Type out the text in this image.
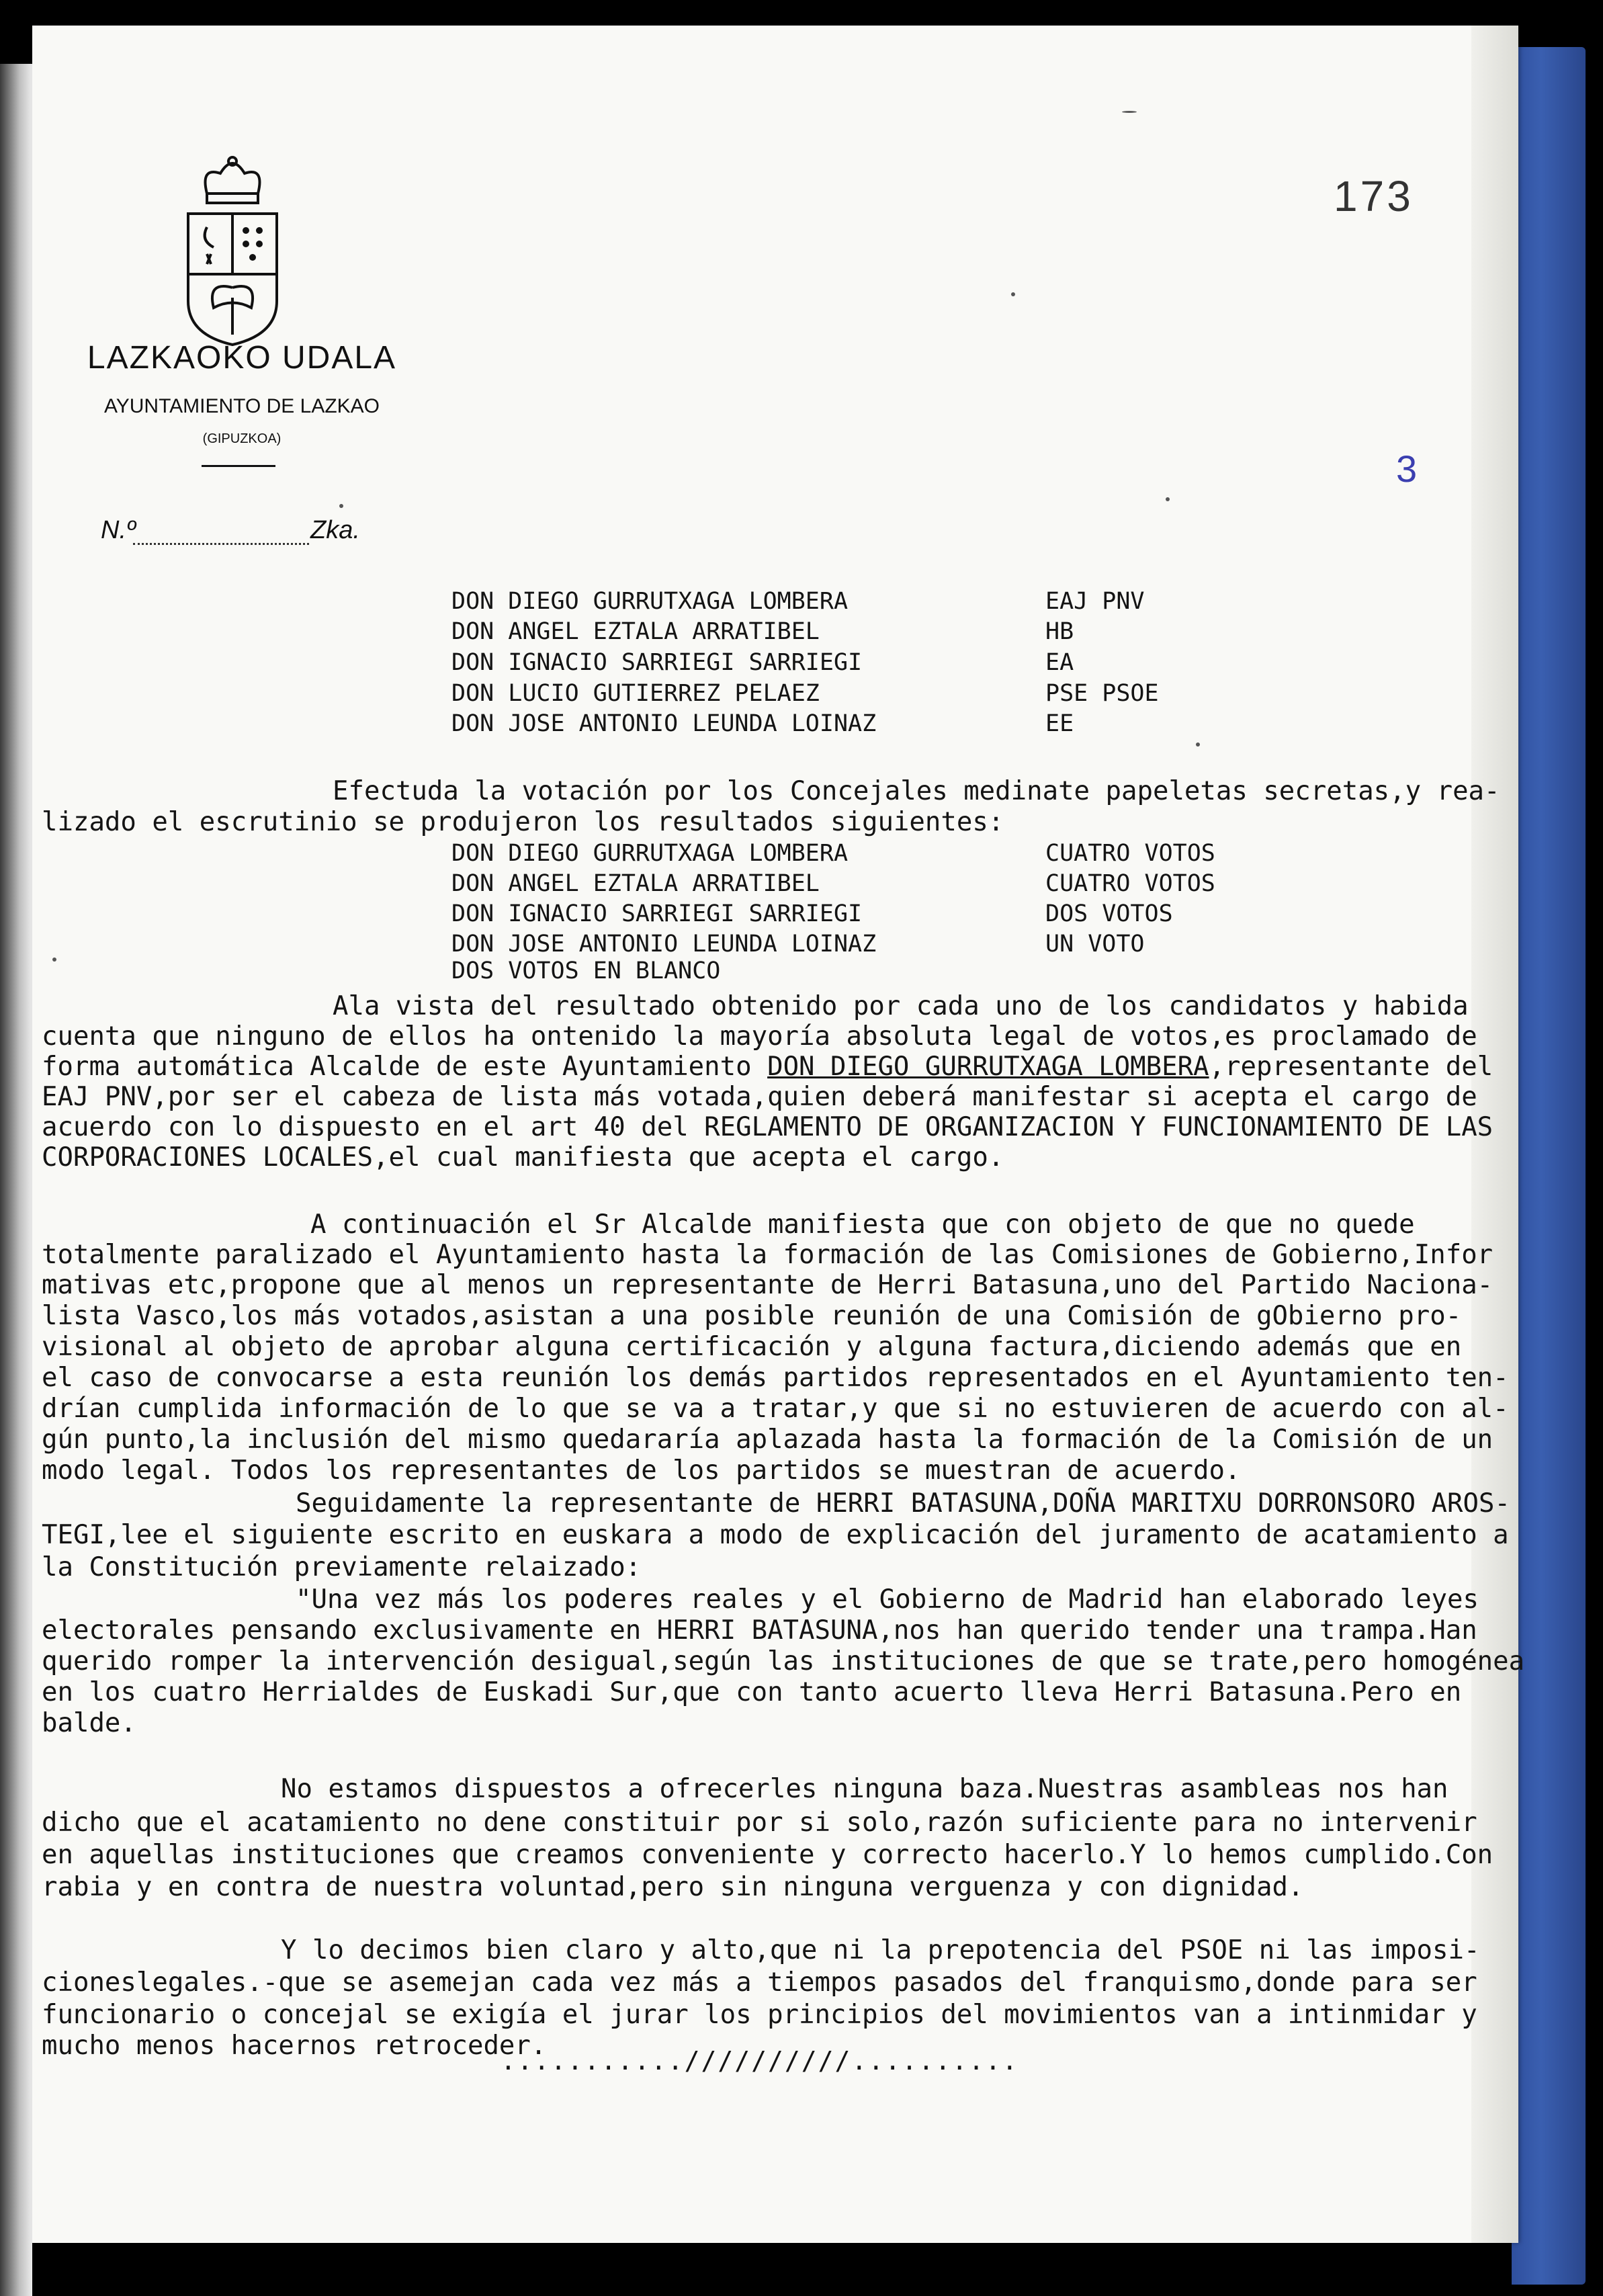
LAZKAOKO UDALA
AYUNTAMIENTO DE LAZKAO
(GIPUZKOA)
N.º	Zka.
173
3
DON DIEGO GURRUTXAGA LOMBERA	EAJ PNV
DON ANGEL EZTALA ARRATIBEL	HB
DON IGNACIO SARRIEGI SARRIEGI	EA
DON LUCIO GUTIERREZ PELAEZ	PSE PSOE
DON JOSE ANTONIO LEUNDA LOINAZ	EE
Efectuda la votación por los Concejales medinate papeletas secretas,y rea-
lizado el escrutinio se produjeron los resultados siguientes:
DON DIEGO GURRUTXAGA LOMBERA	CUATRO VOTOS
DON ANGEL EZTALA ARRATIBEL	CUATRO VOTOS
DON IGNACIO SARRIEGI SARRIEGI	DOS VOTOS
DON JOSE ANTONIO LEUNDA LOINAZ	UN VOTO
DOS VOTOS EN BLANCO
Ala vista del resultado obtenido por cada uno de los candidatos y habida
cuenta que ninguno de ellos ha ontenido la mayoría absoluta legal de votos,es proclamado de
forma automática Alcalde de este Ayuntamiento DON DIEGO GURRUTXAGA LOMBERA,representante del
EAJ PNV,por ser el cabeza de lista más votada,quien deberá manifestar si acepta el cargo de
acuerdo con lo dispuesto en el art 40 del REGLAMENTO DE ORGANIZACION Y FUNCIONAMIENTO DE LAS
CORPORACIONES LOCALES,el cual manifiesta que acepta el cargo.
A continuación el Sr Alcalde manifiesta que con objeto de que no quede
totalmente paralizado el Ayuntamiento hasta la formación de las Comisiones de Gobierno,Infor
mativas etc,propone que al menos un representante de Herri Batasuna,uno del Partido Naciona-
lista Vasco,los más votados,asistan a una posible reunión de una Comisión de gObierno pro-
visional al objeto de aprobar alguna certificación y alguna factura,diciendo además que en
el caso de convocarse a esta reunión los demás partidos representados en el Ayuntamiento ten-
drían cumplida información de lo que se va a tratar,y que si no estuvieren de acuerdo con al-
gún punto,la inclusión del mismo quedararía aplazada hasta la formación de la Comisión de un
modo legal. Todos los representantes de los partidos se muestran de acuerdo.
Seguidamente la representante de HERRI BATASUNA,DOÑA MARITXU DORRONSORO AROS-
TEGI,lee el siguiente escrito en euskara a modo de explicación del juramento de acatamiento a
la Constitución previamente relaizado:
"Una vez más los poderes reales y el Gobierno de Madrid han elaborado leyes
electorales pensando exclusivamente en HERRI BATASUNA,nos han querido tender una trampa.Han
querido romper la intervención desigual,según las instituciones de que se trate,pero homogénea
en los cuatro Herrialdes de Euskadi Sur,que con tanto acuerto lleva Herri Batasuna.Pero en
balde.
No estamos dispuestos a ofrecerles ninguna baza.Nuestras asambleas nos han
dicho que el acatamiento no dene constituir por si solo,razón suficiente para no intervenir
en aquellas instituciones que creamos conveniente y correcto hacerlo.Y lo hemos cumplido.Con
rabia y en contra de nuestra voluntad,pero sin ninguna verguenza y con dignidad.
Y lo decimos bien claro y alto,que ni la prepotencia del PSOE ni las imposi-
cioneslegales.-que se asemejan cada vez más a tiempos pasados del franquismo,donde para ser
funcionario o concejal se exigía el jurar los principios del movimientos van a intinmidar y
mucho menos hacernos retroceder.
...........//////////..........
